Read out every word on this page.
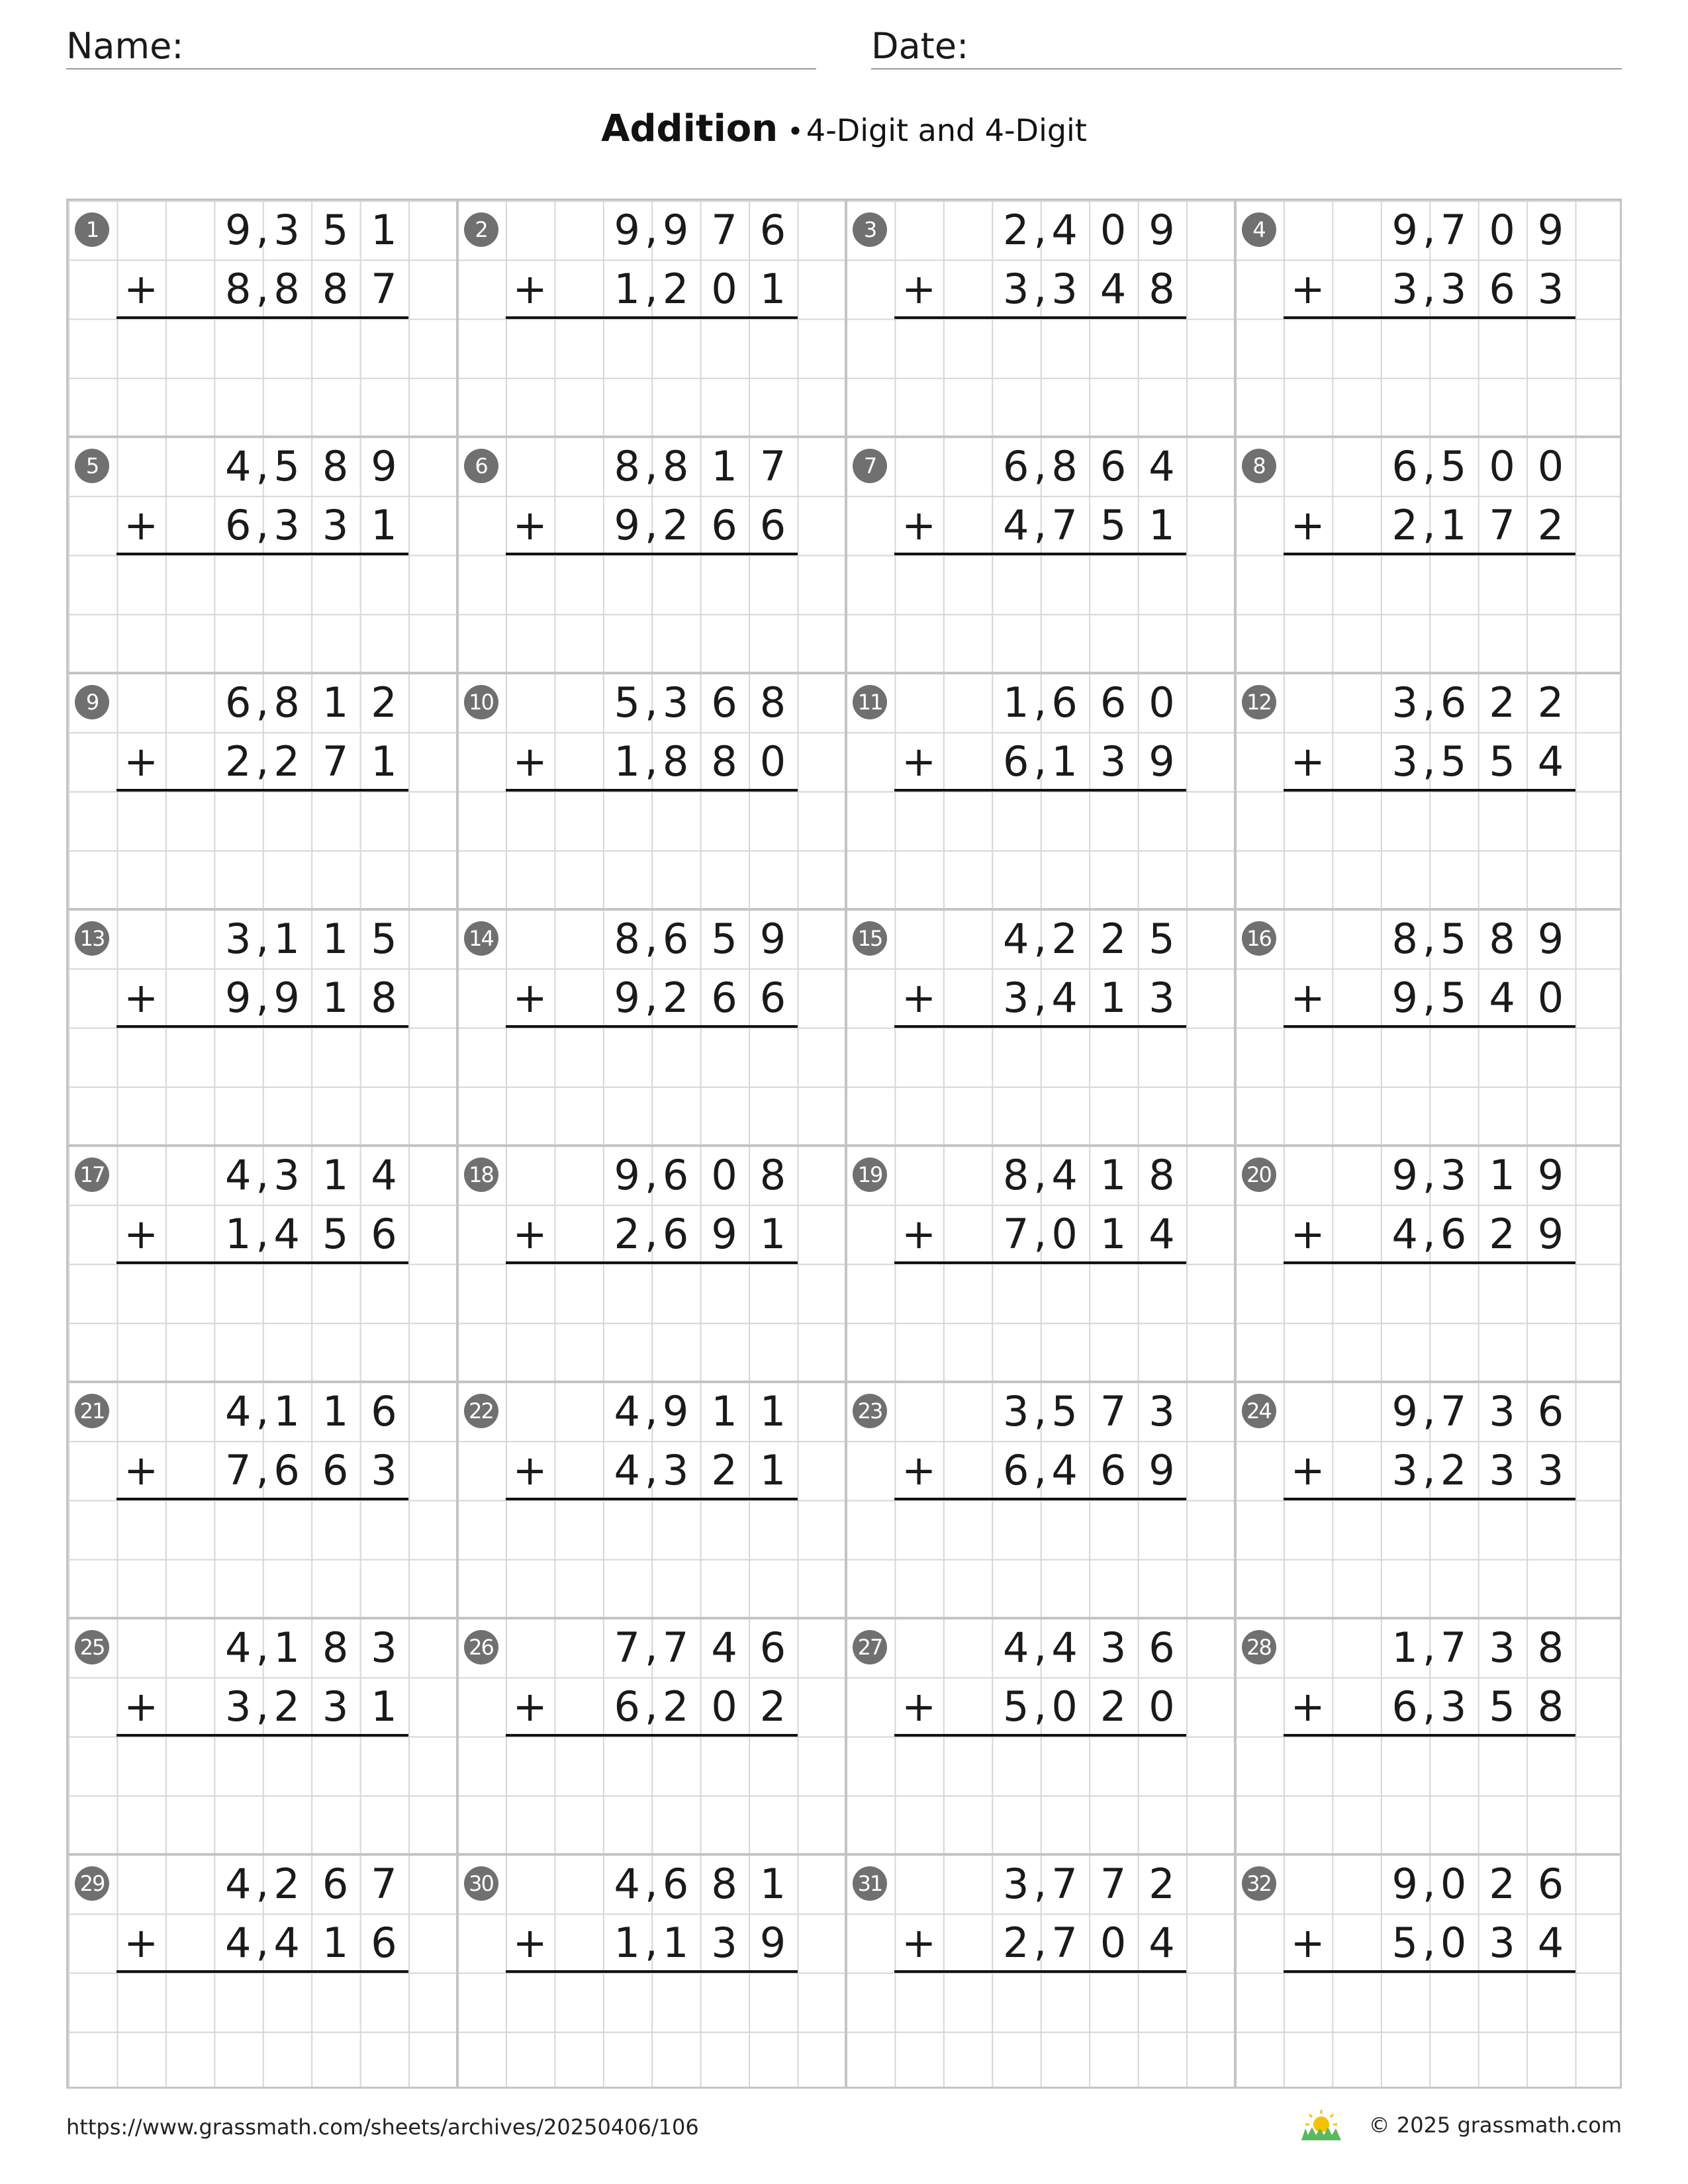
Name:	Date:
Addition •4-Digit and 4-Digit
1	9 3 , 5 1
8 8 , 8 7
+
2	9 9 , 7 6
1 2 , 0 1
+
3	2 4 , 0 9
3 3 , 4 8
+
4	9 7 , 0 9
3 3 , 6 3
+
5	4 5 , 8 9
6 3 , 3 1
+
6	8 8 , 1 7
9 2 , 6 6
+
7	6 8 , 6 4
4 7 , 5 1
+
8	6 5 , 0 0
2 1 , 7 2
+
9	6 8 , 1 2
2 2 , 7 1
+
10	5 3 , 6 8
1 8 , 8 0
+
11	1 6 , 6 0
6 1 , 3 9
+
12	3 6 , 2 2
3 5 , 5 4
+
13	3 1 , 1 5
9 9 , 1 8
+
14	8 6 , 5 9
9 2 , 6 6
+
15	4 2 , 2 5
3 4 , 1 3
+
16	8 5 , 8 9
9 5 , 4 0
+
17	4 3 , 1 4
1 4 , 5 6
+
18	9 6 , 0 8
2 6 , 9 1
+
19	8 4 , 1 8
7 0 , 1 4
+
20	9 3 , 1 9
4 6 , 2 9
+
21	4 1 , 1 6
7 6 , 6 3
+
22	4 9 , 1 1
4 3 , 2 1
+
23	3 5 , 7 3
6 4 , 6 9
+
24	9 7 , 3 6
3 2 , 3 3
+
25	4 1 , 8 3
3 2 , 3 1
+
26	7 7 , 4 6
6 2 , 0 2
+
27	4 4 , 3 6
5 0 , 2 0
+
28	1 7 , 3 8
6 3 , 5 8
+
29	4 2 , 6 7
4 4 , 1 6
+
30	4 6 , 8 1
1 1 , 3 9
+
31	3 7 , 7 2
2 7 , 0 4
+
32	9 0 , 2 6
5 0 , 3 4
+
https://www.grassmath.com/sheets/archives/20250406/106	© 2025 grassmath.com
